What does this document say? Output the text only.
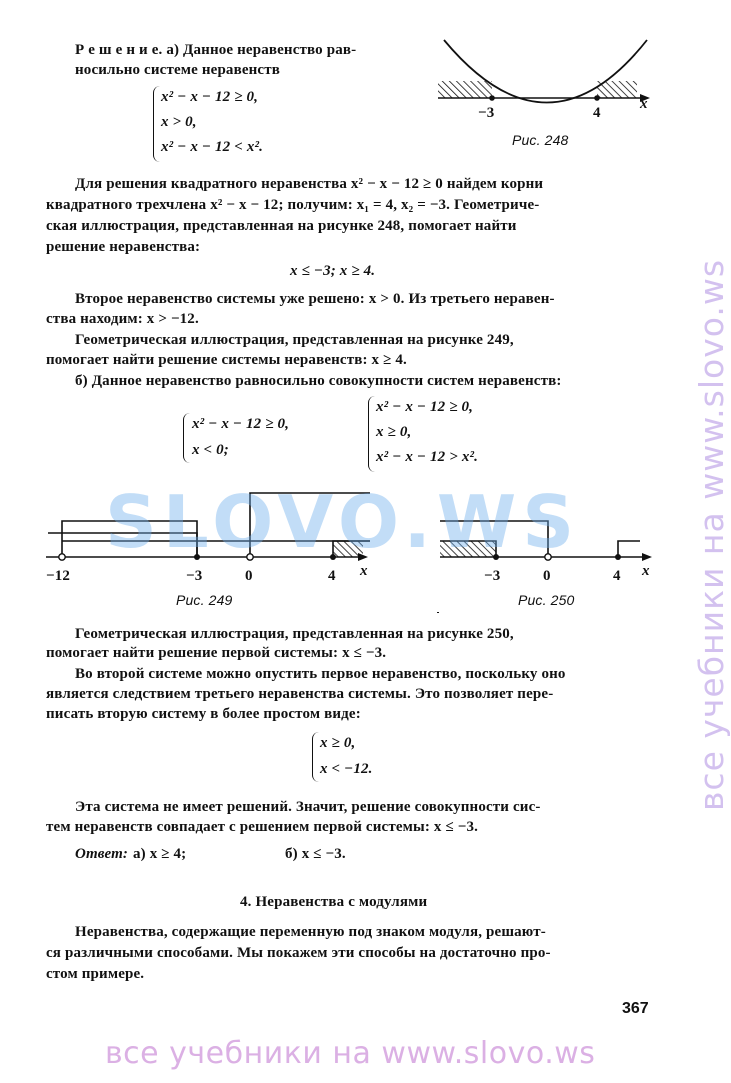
все учебники на www.slovo.ws

Р е ш е н и е. а) Данное неравенство рав-

носильно системе неравенств

x² − x − 12 ≥ 0,

x > 0,

x² − x − 12 < x².

−3	4

x

Рис. 248

Для решения квадратного неравенства x² − x − 12 ≥ 0 найдем корни

квадратного трехчлена x² − x − 12; получим: x₁ = 4, x₂ = −3. Геометриче-

ская иллюстрация, представленная на рисунке 248, помогает найти

решение неравенства:

x ≤ −3; x ≥ 4.

Второе неравенство системы уже решено: x > 0. Из третьего неравен-

ства находим: x > −12.

Геометрическая иллюстрация, представленная на рисунке 249,

помогает найти решение системы неравенств: x ≥ 4.

б) Данное неравенство равносильно совокупности систем неравенств:

x² − x − 12 ≥ 0,

x < 0;

x² − x − 12 ≥ 0,

x ≥ 0,

x² − x − 12 > x².

−12	−3	0	4 x

Рис. 249

−3	0	4 x

Рис. 250

SLOVO.WS

Геометрическая иллюстрация, представленная на рисунке 250,

помогает найти решение первой системы: x ≤ −3.

Во второй системе можно опустить первое неравенство, поскольку оно

является следствием третьего неравенства системы. Это позволяет пере-

писать вторую систему в более простом виде:

x ≥ 0,

x < −12.

Эта система не имеет решений. Значит, решение совокупности сис-

тем неравенств совпадает с решением первой системы: x ≤ −3.

Ответ: а) x ≥ 4;	б) x ≤ −3.

4. Неравенства с модулями

Неравенства, содержащие переменную под знаком модуля, решают-

ся различными способами. Мы покажем эти способы на достаточно про-

стом примере.

367
все учебники на www.slovo.ws
